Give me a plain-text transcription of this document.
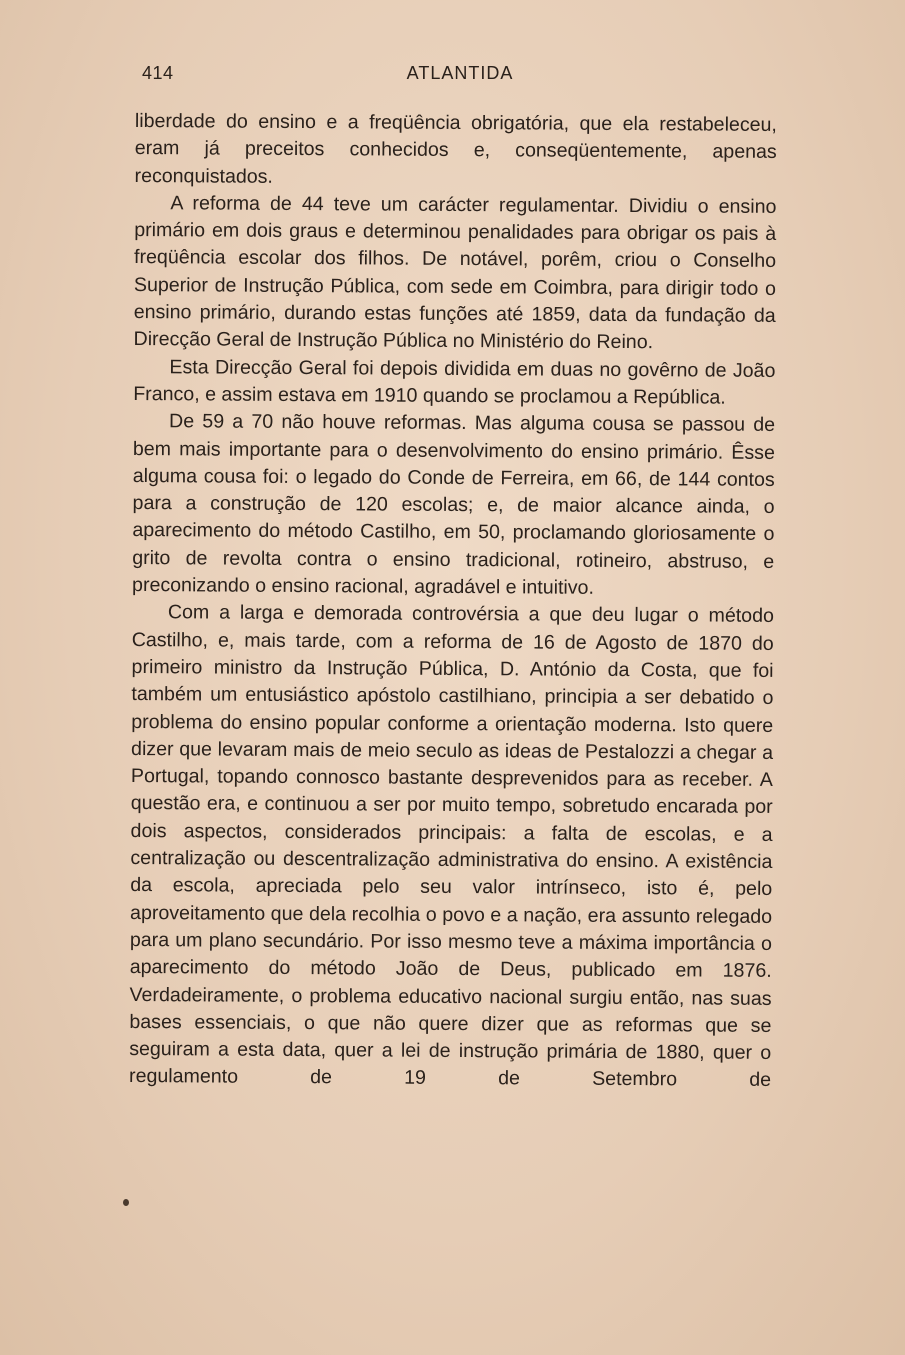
414	ATLANTIDA

liberdade do ensino e a freqüência obrigatória, que ela restabeleceu, eram já preceitos conhecidos e, conseqüentemente, apenas reconquistados.

A reforma de 44 teve um carácter regulamentar. Dividiu o ensino primário em dois graus e determinou penalidades para obrigar os pais à freqüência escolar dos filhos. De notável, porêm, criou o Conselho Superior de Instrução Pública, com sede em Coimbra, para dirigir todo o ensino primário, durando estas funções até 1859, data da fundação da Direcção Geral de Instrução Pública no Ministério do Reino.

Esta Direcção Geral foi depois dividida em duas no govêrno de João Franco, e assim estava em 1910 quando se proclamou a República.

De 59 a 70 não houve reformas. Mas alguma cousa se passou de bem mais importante para o desenvolvimento do ensino primário. Êsse alguma cousa foi: o legado do Conde de Ferreira, em 66, de 144 contos para a construção de 120 escolas; e, de maior alcance ainda, o aparecimento do método Castilho, em 50, proclamando gloriosamente o grito de revolta contra o ensino tradicional, rotineiro, abstruso, e preconizando o ensino racional, agradável e intuitivo.

Com a larga e demorada controvérsia a que deu lugar o método Castilho, e, mais tarde, com a reforma de 16 de Agosto de 1870 do primeiro ministro da Instrução Pública, D. António da Costa, que foi também um entusiástico apóstolo castilhiano, principia a ser debatido o problema do ensino popular conforme a orientação moderna. Isto quere dizer que levaram mais de meio seculo as ideas de Pestalozzi a chegar a Portugal, topando connosco bastante desprevenidos para as receber. A questão era, e continuou a ser por muito tempo, sobretudo encarada por dois aspectos, considerados principais: a falta de escolas, e a centralização ou descentralização administrativa do ensino. A existência da escola, apreciada pelo seu valor intrínseco, isto é, pelo aproveitamento que dela recolhia o povo e a nação, era assunto relegado para um plano secundário. Por isso mesmo teve a máxima importância o aparecimento do método João de Deus, publicado em 1876. Verdadeiramente, o problema educativo nacional surgiu então, nas suas bases essenciais, o que não quere dizer que as reformas que se seguiram a esta data, quer a lei de instrução primária de 1880, quer o regulamento de 19 de Setembro de
